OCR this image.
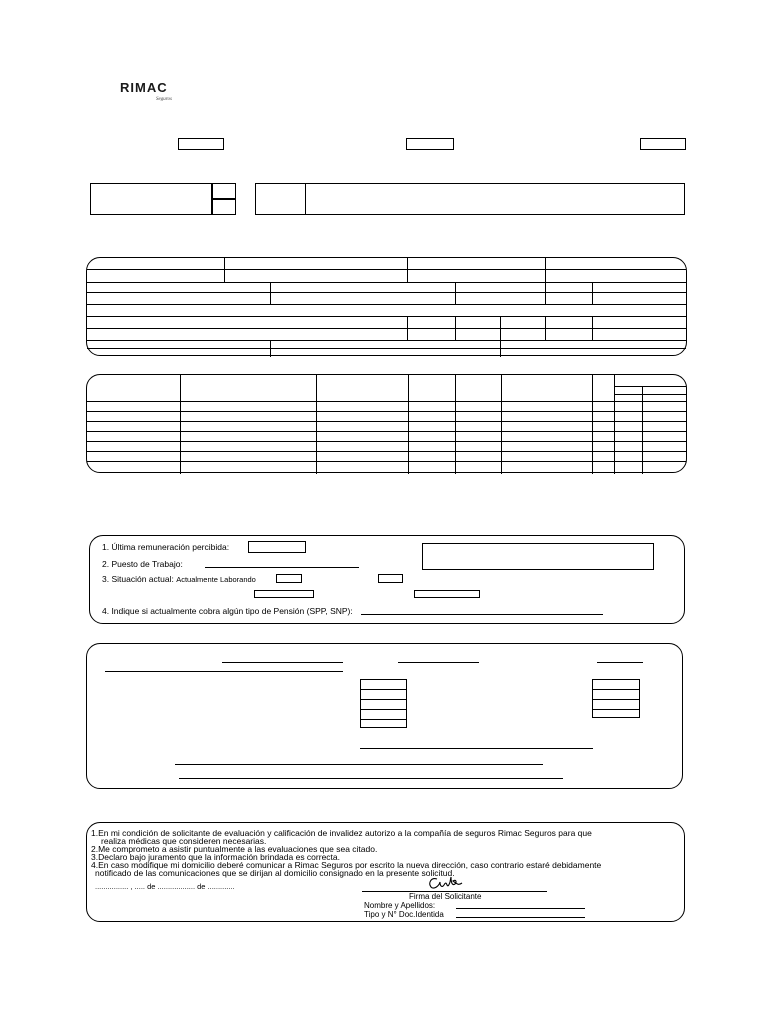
RIMAC
Seguros
1. Última remuneración percibida:
2. Puesto de Trabajo:
3. Situación actual: Actualmente Laborando
4. Indique si actualmente cobra algún tipo de Pensión (SPP, SNP):
1.En mi condición de solicitante de evaluación y calificación de invalidez autorizo a la compañía de seguros Rimac Seguros para que
realiza médicas que consideren necesarias.
2.Me comprometo a asistir puntualmente a las evaluaciones que sea citado.
3.Declaro bajo juramento que la información brindada es correcta.
4.En caso modifique mi domicilio deberé comunicar a Rimac Seguros por escrito la nueva dirección, caso contrario estaré debidamente
notificado de las comunicaciones que se dirijan al domicilio consignado en la presente solicitud.
................ , ..... de .................. de .............
Firma del Solicitante
Nombre y Apellidos:
Tipo y N° Doc.Identida
